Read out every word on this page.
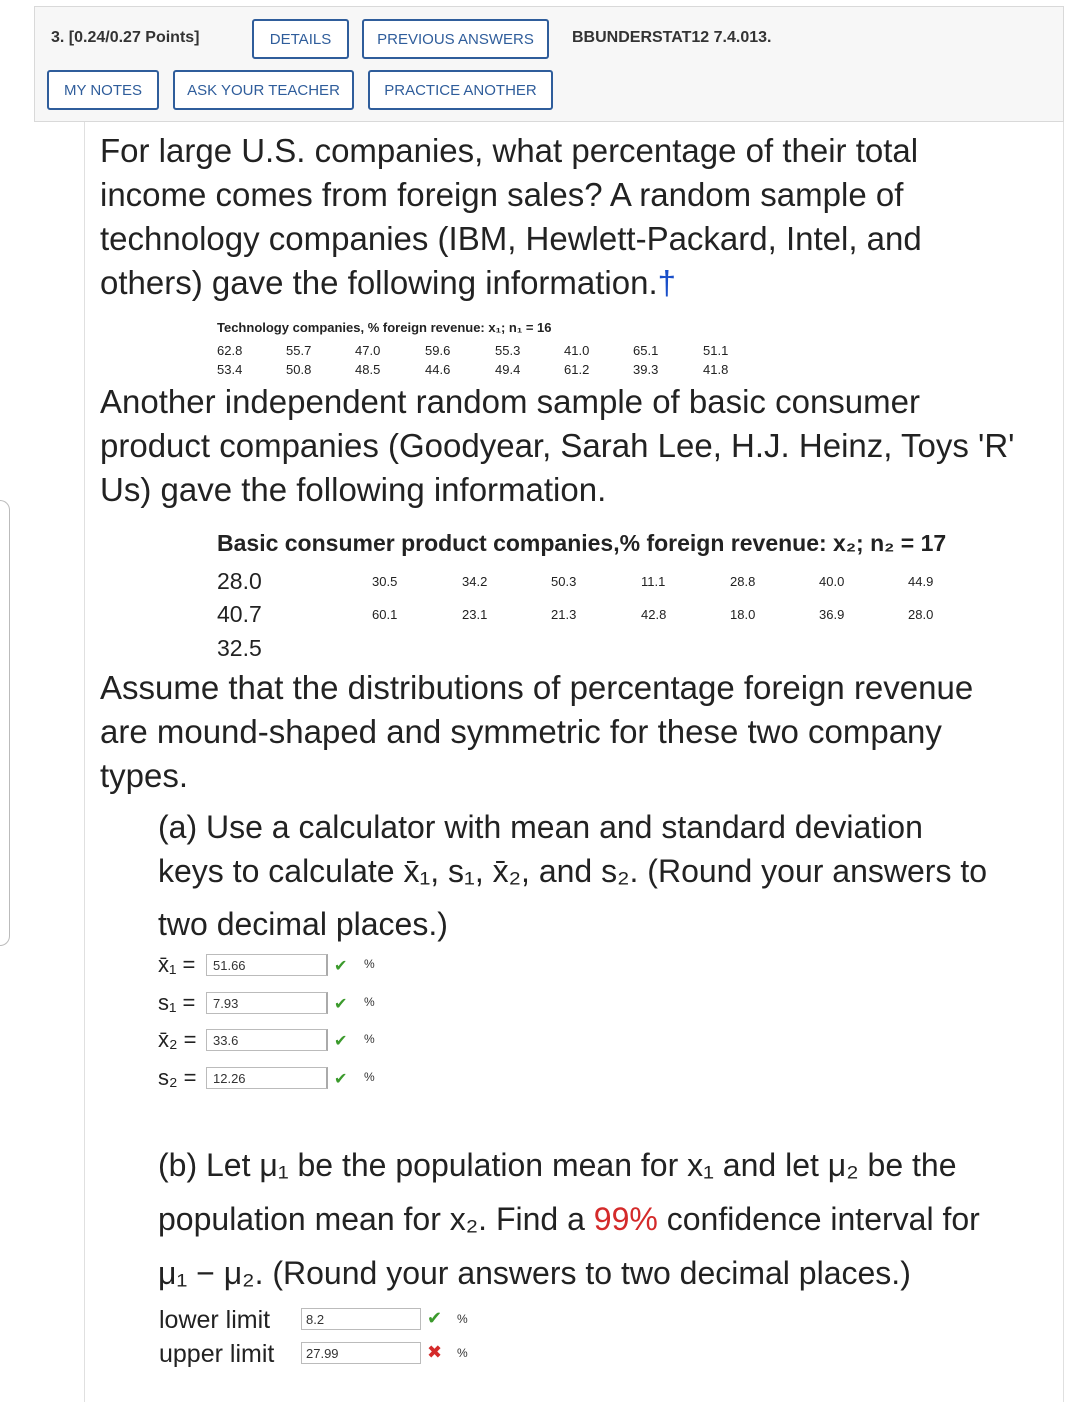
3. [0.24/0.27 Points]	DETAILS	PREVIOUS ANSWERS	BBUNDERSTAT12 7.4.013.
MY NOTES	ASK YOUR TEACHER	PRACTICE ANOTHER
For large U.S. companies, what percentage of their total
income comes from foreign sales? A random sample of
technology companies (IBM, Hewlett-Packard, Intel, and
others) gave the following information.†
Technology companies, % foreign revenue: x₁; n₁ = 16
62.8	55.7	47.0	59.6	55.3	41.0	65.1	51.1
53.4	50.8	48.5	44.6	49.4	61.2	39.3	41.8
Another independent random sample of basic consumer
product companies (Goodyear, Sarah Lee, H.J. Heinz, Toys 'R'
Us) gave the following information.
Basic consumer product companies,% foreign revenue: x₂; n₂ = 17
28.0	30.5	34.2	50.3	11.1	28.8	40.0	44.9
40.7	60.1	23.1	21.3	42.8	18.0	36.9	28.0
32.5
Assume that the distributions of percentage foreign revenue
are mound-shaped and symmetric for these two company
types.
(a) Use a calculator with mean and standard deviation
keys to calculate x̄₁, s₁, x̄₂, and s₂. (Round your answers to
two decimal places.)
x̄₁ =	51.66	✔ %
s₁ =	7.93	✔ %
x̄₂ =	33.6	✔ %
s₂ =	12.26	✔ %
(b) Let μ₁ be the population mean for x₁ and let μ₂ be the
population mean for x₂. Find a 99% confidence interval for
μ₁ − μ₂. (Round your answers to two decimal places.)
lower limit	8.2	✔ %
upper limit	27.99	✖ %
